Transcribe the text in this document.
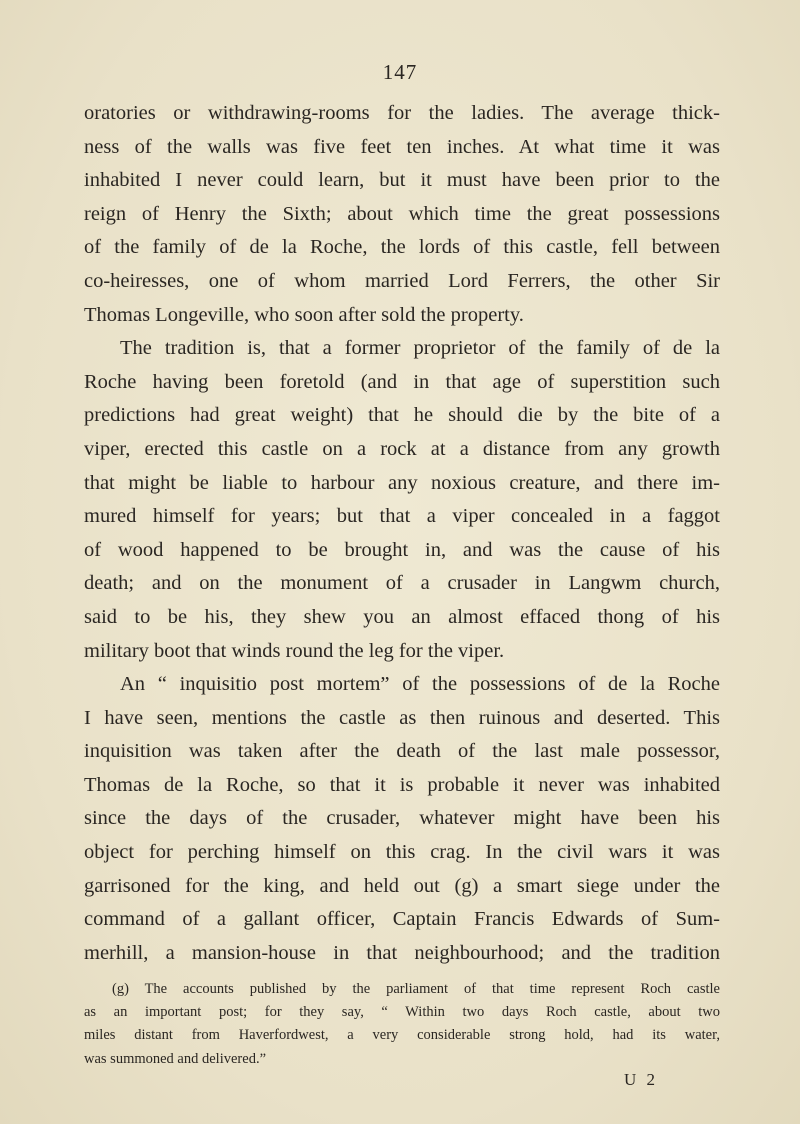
147
oratories or withdrawing-rooms for the ladies. The average thick-
ness of the walls was five feet ten inches. At what time it was
inhabited I never could learn, but it must have been prior to the
reign of Henry the Sixth; about which time the great possessions
of the family of de la Roche, the lords of this castle, fell between
co-heiresses, one of whom married Lord Ferrers, the other Sir
Thomas Longeville, who soon after sold the property.
The tradition is, that a former proprietor of the family of de la
Roche having been foretold (and in that age of superstition such
predictions had great weight) that he should die by the bite of a
viper, erected this castle on a rock at a distance from any growth
that might be liable to harbour any noxious creature, and there im-
mured himself for years; but that a viper concealed in a faggot
of wood happened to be brought in, and was the cause of his
death; and on the monument of a crusader in Langwm church,
said to be his, they shew you an almost effaced thong of his
military boot that winds round the leg for the viper.
An “ inquisitio post mortem” of the possessions of de la Roche
I have seen, mentions the castle as then ruinous and deserted. This
inquisition was taken after the death of the last male possessor,
Thomas de la Roche, so that it is probable it never was inhabited
since the days of the crusader, whatever might have been his
object for perching himself on this crag. In the civil wars it was
garrisoned for the king, and held out (g) a smart siege under the
command of a gallant officer, Captain Francis Edwards of Sum-
merhill, a mansion-house in that neighbourhood; and the tradition
(g) The accounts published by the parliament of that time represent Roch castle
as an important post; for they say, “ Within two days Roch castle, about two
miles distant from Haverfordwest, a very considerable strong hold, had its water,
was summoned and delivered.”
U 2
